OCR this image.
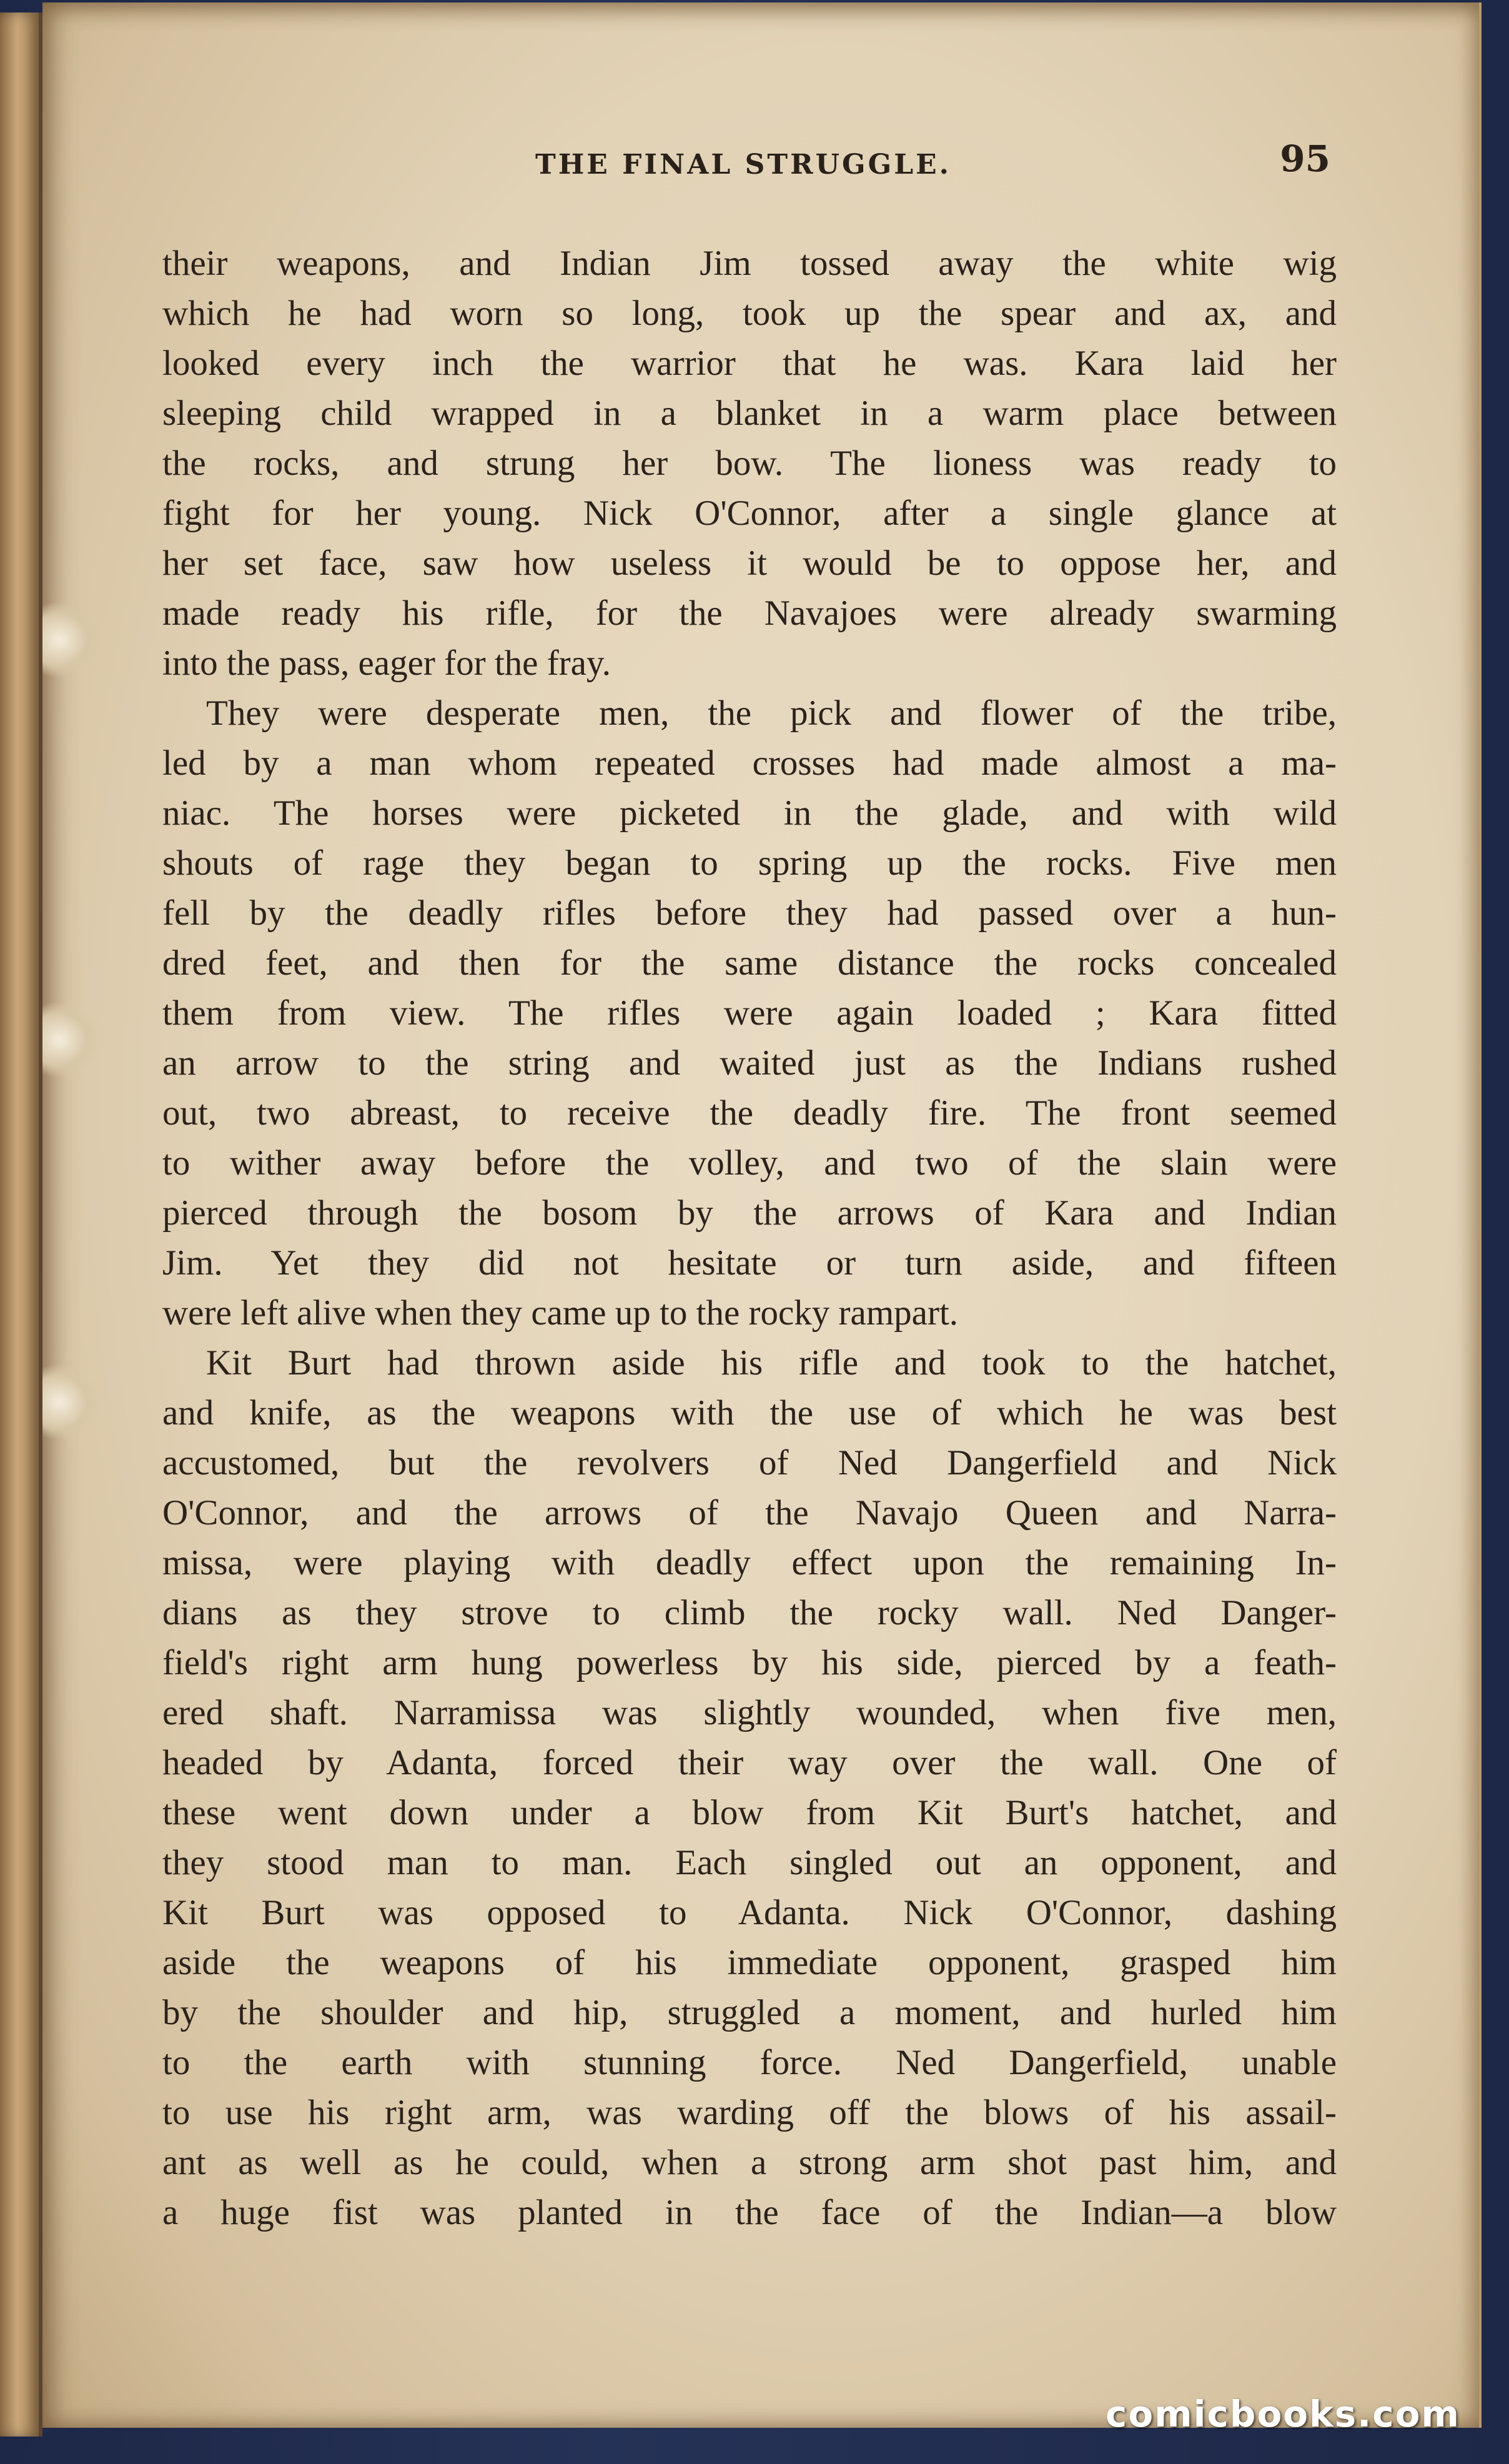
THE FINAL STRUGGLE.	95
their weapons, and Indian Jim tossed away the white wig
which he had worn so long, took up the spear and ax, and
looked every inch the warrior that he was. Kara laid her
sleeping child wrapped in a blanket in a warm place between
the rocks, and strung her bow. The lioness was ready to
fight for her young. Nick O'Connor, after a single glance at
her set face, saw how useless it would be to oppose her, and
made ready his rifle, for the Navajoes were already swarming
into the pass, eager for the fray.
They were desperate men, the pick and flower of the tribe,
led by a man whom repeated crosses had made almost a ma-
niac. The horses were picketed in the glade, and with wild
shouts of rage they began to spring up the rocks. Five men
fell by the deadly rifles before they had passed over a hun-
dred feet, and then for the same distance the rocks concealed
them from view. The rifles were again loaded ; Kara fitted
an arrow to the string and waited just as the Indians rushed
out, two abreast, to receive the deadly fire. The front seemed
to wither away before the volley, and two of the slain were
pierced through the bosom by the arrows of Kara and Indian
Jim. Yet they did not hesitate or turn aside, and fifteen
were left alive when they came up to the rocky rampart.
Kit Burt had thrown aside his rifle and took to the hatchet,
and knife, as the weapons with the use of which he was best
accustomed, but the revolvers of Ned Dangerfield and Nick
O'Connor, and the arrows of the Navajo Queen and Narra-
missa, were playing with deadly effect upon the remaining In-
dians as they strove to climb the rocky wall. Ned Danger-
field's right arm hung powerless by his side, pierced by a feath-
ered shaft. Narramissa was slightly wounded, when five men,
headed by Adanta, forced their way over the wall. One of
these went down under a blow from Kit Burt's hatchet, and
they stood man to man. Each singled out an opponent, and
Kit Burt was opposed to Adanta. Nick O'Connor, dashing
aside the weapons of his immediate opponent, grasped him
by the shoulder and hip, struggled a moment, and hurled him
to the earth with stunning force. Ned Dangerfield, unable
to use his right arm, was warding off the blows of his assail-
ant as well as he could, when a strong arm shot past him, and
a huge fist was planted in the face of the Indian—a blow
comicbooks.com
